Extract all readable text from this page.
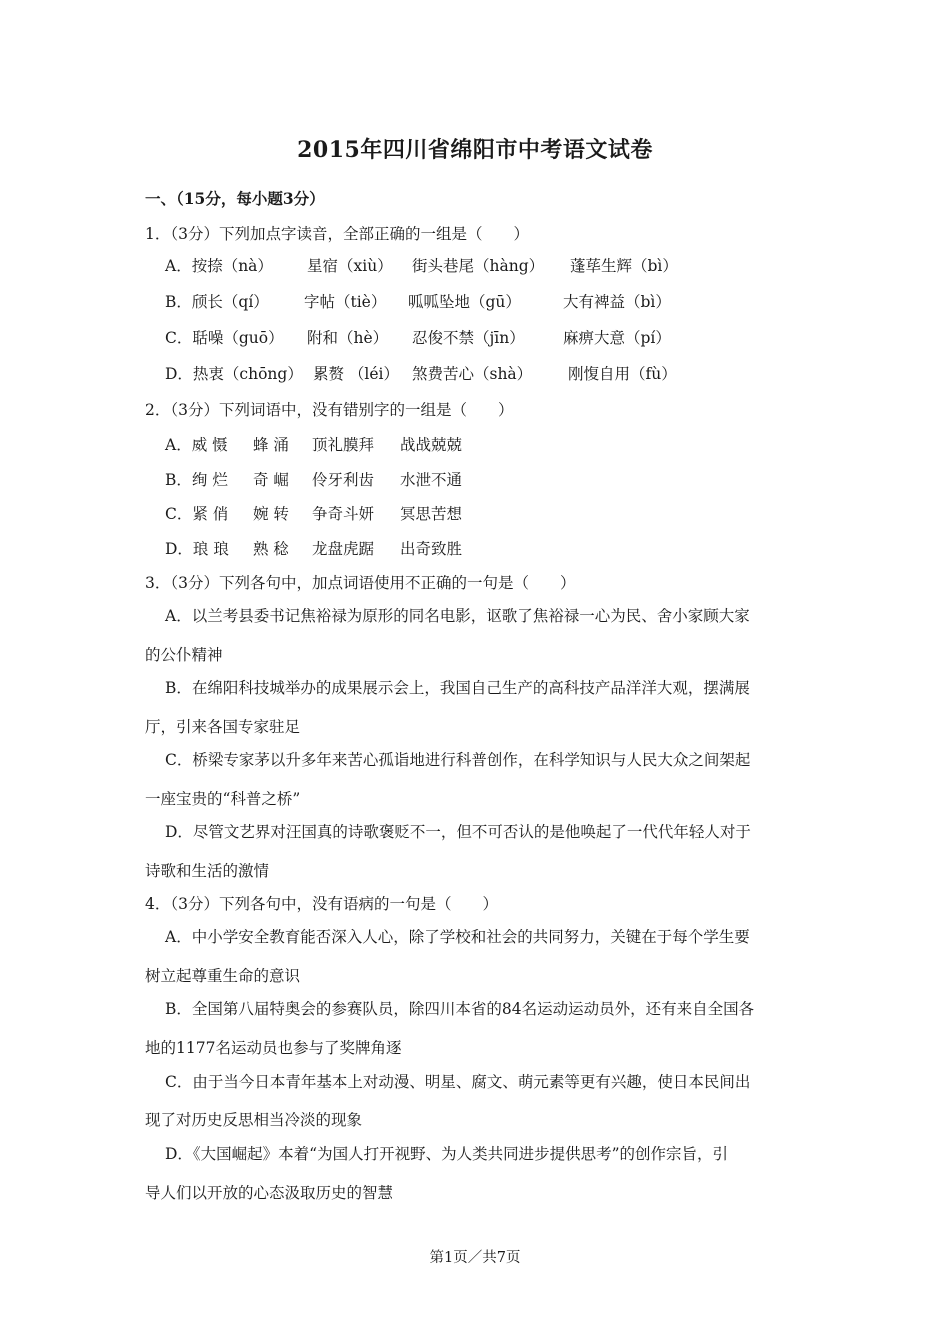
2015年四川省绵阳市中考语文试卷
一、（15分，每小题3分）
1．（3分）下列加点字读音，全部正确的一组是（　　）
A．按捺（nà） 星宿（xiù） 街头巷尾（hàng） 蓬荜生辉（bì）
B．颀长（qí） 字帖（tiè） 呱呱坠地（gū）	大有裨益（bì）
C．聒噪（guō） 附和（hè） 忍俊不禁（jīn） 麻痹大意（pí）
D．热衷（chōng） 累赘 （léi） 煞费苦心（shà） 刚愎自用（fù）
2．（3分）下列词语中，没有错别字的一组是（　　）
A．威 慑 蜂 涌 顶礼膜拜 战战兢兢
B．绚 烂 奇 崛 伶牙利齿 水泄不通
C．紧 俏 婉 转 争奇斗妍 冥思苦想
D．琅 琅 熟 稔 龙盘虎踞 出奇致胜
3．（3分）下列各句中，加点词语使用不正确的一句是（　　）
A．以兰考县委书记焦裕禄为原形的同名电影，讴歌了焦裕禄一心为民、舍小家顾大家
的公仆精神
B．在绵阳科技城举办的成果展示会上，我国自己生产的高科技产品洋洋大观，摆满展
厅，引来各国专家驻足
C．桥梁专家茅以升多年来苦心孤诣地进行科普创作，在科学知识与人民大众之间架起
一座宝贵的“科普之桥”
D．尽管文艺界对汪国真的诗歌褒贬不一，但不可否认的是他唤起了一代代年轻人对于
诗歌和生活的激情
4．（3分）下列各句中，没有语病的一句是（　　）
A．中小学安全教育能否深入人心，除了学校和社会的共同努力，关键在于每个学生要
树立起尊重生命的意识
B．全国第八届特奥会的参赛队员，除四川本省的84名运动运动员外，还有来自全国各
地的1177名运动员也参与了奖牌角逐
C．由于当今日本青年基本上对动漫、明星、腐文、萌元素等更有兴趣，使日本民间出
现了对历史反思相当冷淡的现象
D．《大国崛起》本着“为国人打开视野、为人类共同进步提供思考”的创作宗旨，引
导人们以开放的心态汲取历史的智慧
第1页／共7页
